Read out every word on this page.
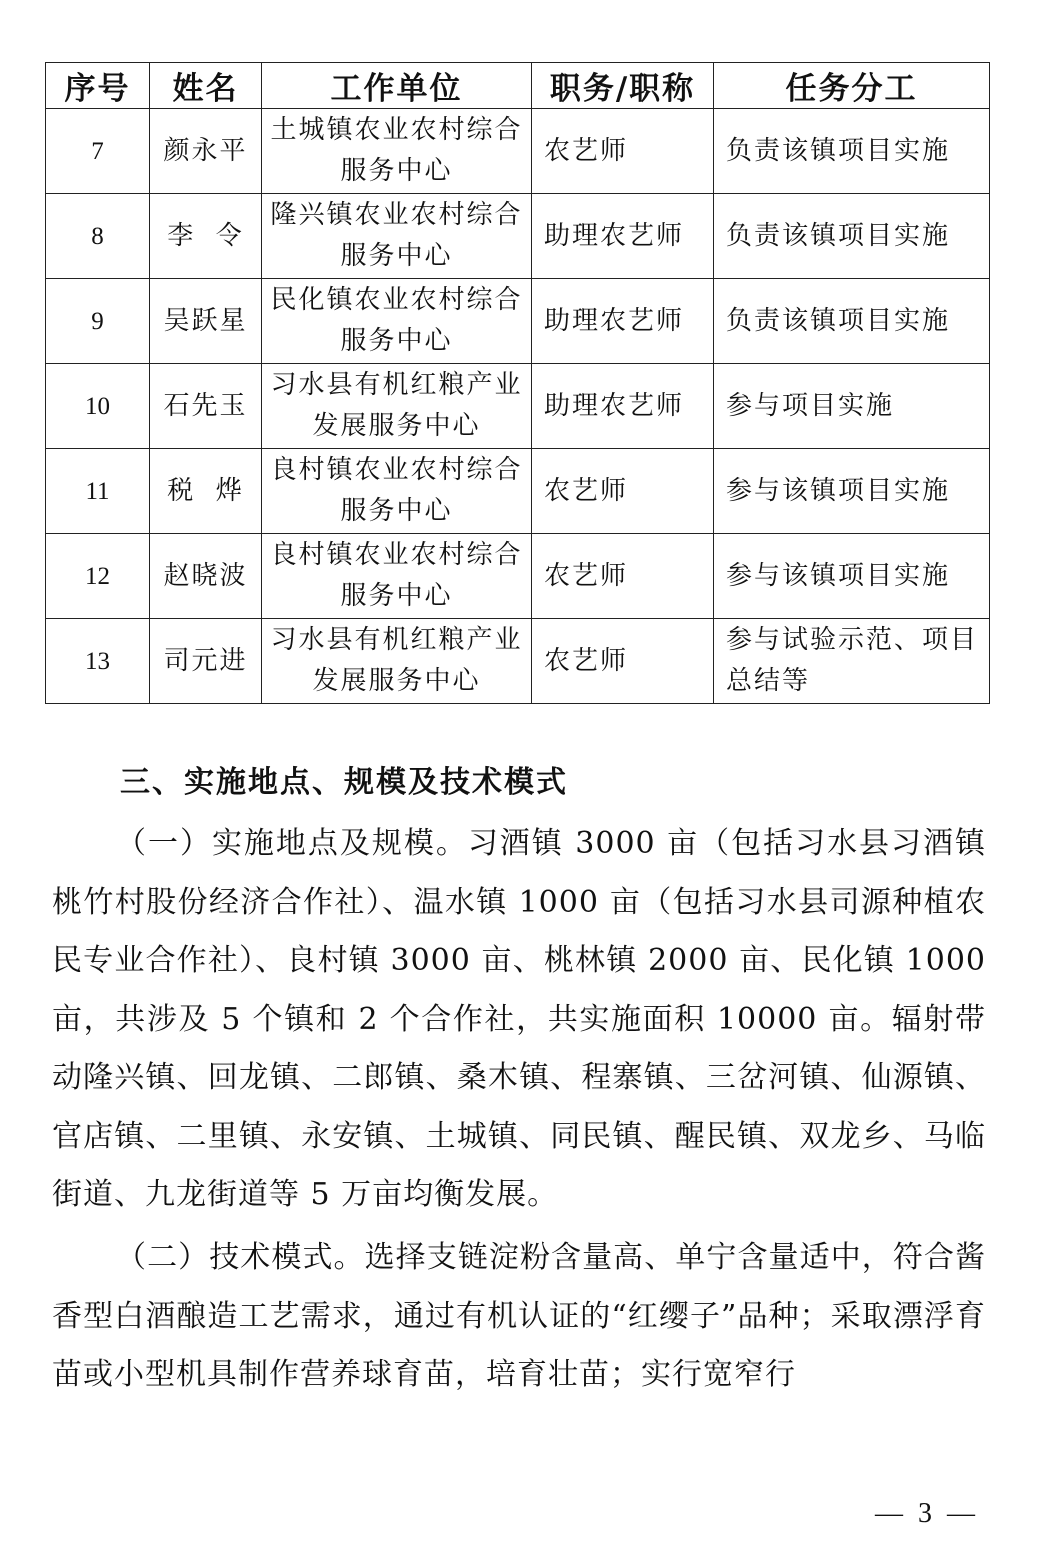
序号	姓名	工作单位	职务/职称	任务分工
7	颜永平	土城镇农业农村综合服务中心	农艺师	负责该镇项目实施
8	李  令	隆兴镇农业农村综合服务中心	助理农艺师	负责该镇项目实施
9	吴跃星	民化镇农业农村综合服务中心	助理农艺师	负责该镇项目实施
10	石先玉	习水县有机红粮产业发展服务中心	助理农艺师	参与项目实施
11	税  烨	良村镇农业农村综合服务中心	农艺师	参与该镇项目实施
12	赵晓波	良村镇农业农村综合服务中心	农艺师	参与该镇项目实施
13	司元进	习水县有机红粮产业发展服务中心	农艺师	参与试验示范、项目总结等
三、实施地点、规模及技术模式

（一）实施地点及规模。习酒镇 3000 亩（包括习水县习酒镇桃竹村股份经济合作社）、温水镇 1000 亩（包括习水县司源种植农民专业合作社）、良村镇 3000 亩、桃林镇 2000 亩、民化镇 1000 亩，共涉及 5 个镇和 2 个合作社，共实施面积 10000 亩。辐射带动隆兴镇、回龙镇、二郎镇、桑木镇、程寨镇、三岔河镇、仙源镇、官店镇、二里镇、永安镇、土城镇、同民镇、醒民镇、双龙乡、马临街道、九龙街道等 5 万亩均衡发展。

（二）技术模式。选择支链淀粉含量高、单宁含量适中，符合酱香型白酒酿造工艺需求，通过有机认证的“红缨子”品种；采取漂浮育苗或小型机具制作营养球育苗，培育壮苗；实行宽窄行

— 3 —
